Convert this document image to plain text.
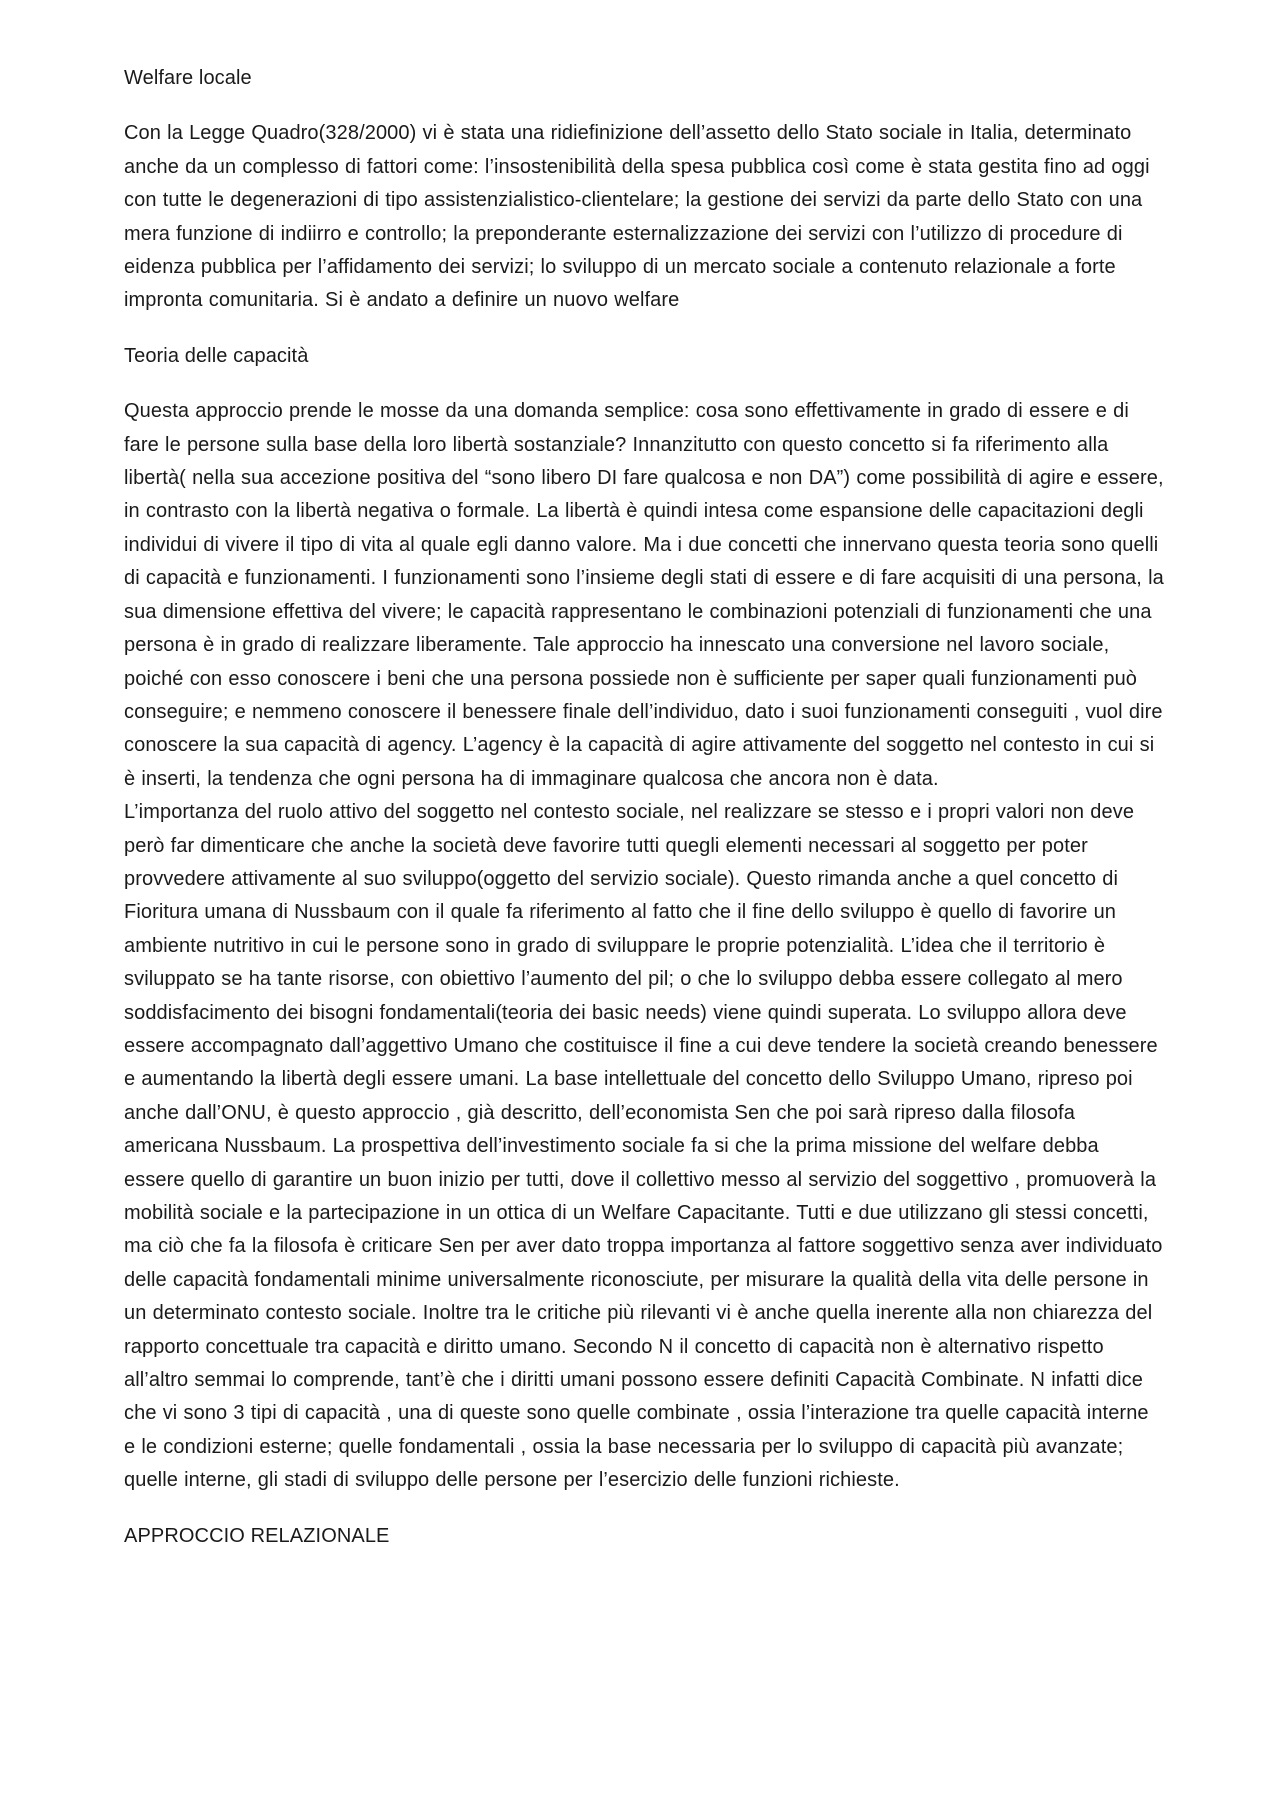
Welfare locale

Con la Legge Quadro(328/2000) vi è stata una ridiefinizione dell’assetto dello Stato sociale in Italia, determinato anche da un complesso di fattori come: l’insostenibilità della spesa pubblica così come è stata gestita fino ad oggi con tutte le degenerazioni di tipo assistenzialistico-clientelare; la gestione dei servizi da parte dello Stato con una mera funzione di indiirro e controllo; la preponderante esternalizzazione dei servizi con l’utilizzo di procedure di eidenza pubblica per l’affidamento dei servizi; lo sviluppo di un mercato sociale a contenuto relazionale a forte impronta comunitaria. Si è andato a definire un nuovo welfare

Teoria delle capacità

Questa approccio prende le mosse da una domanda semplice: cosa sono effettivamente in grado di essere e di fare le persone sulla base della loro libertà sostanziale? Innanzitutto con questo concetto si fa riferimento alla libertà( nella sua accezione positiva del “sono libero DI fare qualcosa e non DA”) come possibilità di agire e essere, in contrasto con la libertà negativa o formale. La libertà è quindi intesa come espansione delle capacitazioni degli individui di vivere il tipo di vita al quale egli danno valore. Ma i due concetti che innervano questa teoria sono quelli di capacità e funzionamenti. I funzionamenti sono l’insieme degli stati di essere e di fare acquisiti di una persona, la sua dimensione effettiva del vivere; le capacità rappresentano le combinazioni potenziali di funzionamenti che una persona è in grado di realizzare liberamente. Tale approccio ha innescato una conversione nel lavoro sociale, poiché con esso conoscere i beni che una persona possiede non è sufficiente per saper quali funzionamenti può conseguire; e nemmeno conoscere il benessere finale dell’individuo, dato i suoi funzionamenti conseguiti , vuol dire conoscere la sua capacità di agency. L’agency è la capacità di agire attivamente del soggetto nel contesto in cui si è inserti, la tendenza che ogni persona ha di immaginare qualcosa che ancora non è data.

L’importanza del ruolo attivo del soggetto nel contesto sociale, nel realizzare se stesso e i propri valori non deve però far dimenticare che anche la società deve favorire tutti quegli elementi necessari al soggetto per poter provvedere attivamente al suo sviluppo(oggetto del servizio sociale). Questo rimanda anche a quel concetto di Fioritura umana di Nussbaum con il quale fa riferimento al fatto che il fine dello sviluppo è quello di favorire un ambiente nutritivo in cui le persone sono in grado di sviluppare le proprie potenzialità. L’idea che il territorio è sviluppato se ha tante risorse, con obiettivo l’aumento del pil; o che lo sviluppo debba essere collegato al mero soddisfacimento dei bisogni fondamentali(teoria dei basic needs) viene quindi superata. Lo sviluppo allora deve essere accompagnato dall’aggettivo Umano che costituisce il fine a cui deve tendere la società creando benessere e aumentando la libertà degli essere umani. La base intellettuale del concetto dello Sviluppo Umano, ripreso poi anche dall’ONU, è questo approccio , già descritto, dell’economista Sen che poi sarà ripreso dalla filosofa americana Nussbaum. La prospettiva dell’investimento sociale fa si che la prima missione del welfare debba essere quello di garantire un buon inizio per tutti, dove il collettivo messo al servizio del soggettivo , promuoverà la mobilità sociale e la partecipazione in un ottica di un Welfare Capacitante. Tutti e due utilizzano gli stessi concetti, ma ciò che fa la filosofa è criticare Sen per aver dato troppa importanza al fattore soggettivo senza aver individuato delle capacità fondamentali minime universalmente riconosciute, per misurare la qualità della vita delle persone in un determinato contesto sociale. Inoltre tra le critiche più rilevanti vi è anche quella inerente alla non chiarezza del rapporto concettuale tra capacità e diritto umano. Secondo N il concetto di capacità non è alternativo rispetto all’altro semmai lo comprende, tant’è che i diritti umani possono essere definiti Capacità Combinate. N infatti dice che vi sono 3 tipi di capacità , una di queste sono quelle combinate , ossia l’interazione tra quelle capacità interne e le condizioni esterne; quelle fondamentali , ossia la base necessaria per lo sviluppo di capacità più avanzate; quelle interne, gli stadi di sviluppo delle persone per l’esercizio delle funzioni richieste.

APPROCCIO RELAZIONALE
